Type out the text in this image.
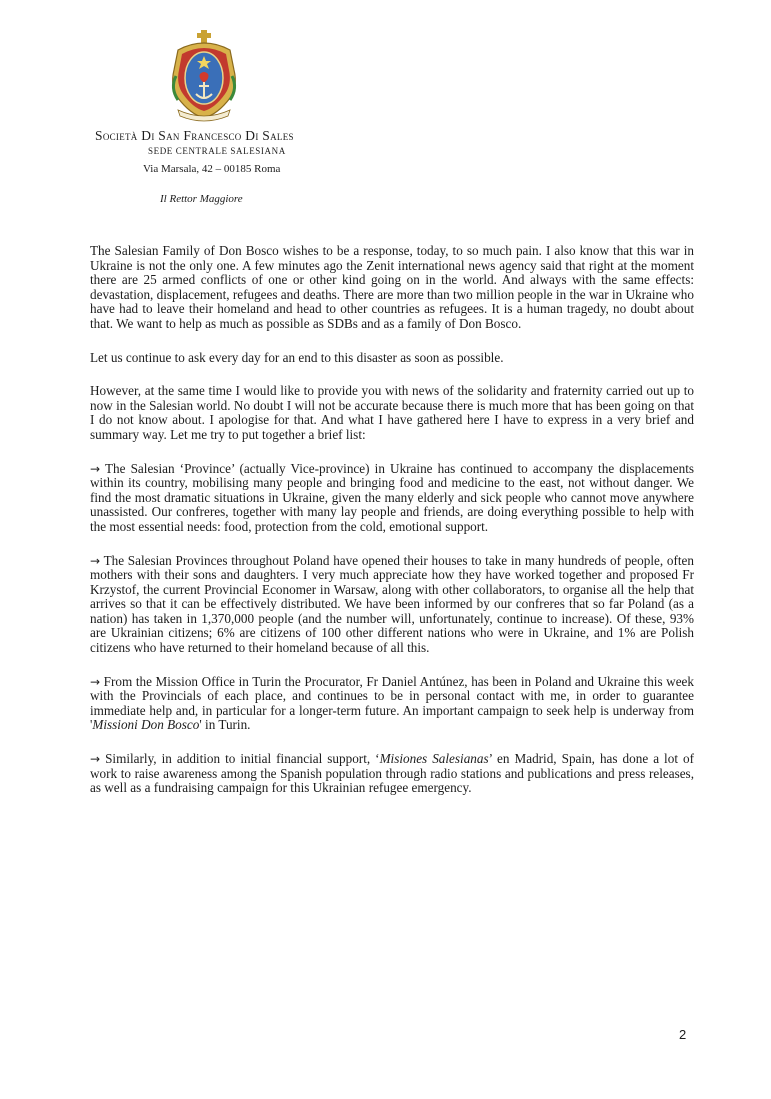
Società Di San Francesco Di Sales
SEDE CENTRALE SALESIANA
Via Marsala, 42 – 00185 Roma
Il Rettor Maggiore

The Salesian Family of Don Bosco wishes to be a response, today, to so much pain. I also know that this war in Ukraine is not the only one. A few minutes ago the Zenit international news agency said that right at the moment there are 25 armed conflicts of one or other kind going on in the world. And always with the same effects: devastation, displacement, refugees and deaths. There are more than two million people in the war in Ukraine who have had to leave their homeland and head to other countries as refugees. It is a human tragedy, no doubt about that. We want to help as much as possible as SDBs and as a family of Don Bosco.

Let us continue to ask every day for an end to this disaster as soon as possible.

However, at the same time I would like to provide you with news of the solidarity and fraternity carried out up to now in the Salesian world. No doubt I will not be accurate because there is much more that has been going on that I do not know about. I apologise for that. And what I have gathered here I have to express in a very brief and summary way. Let me try to put together a brief list:

→ The Salesian ‘Province’ (actually Vice-province) in Ukraine has continued to accompany the displacements within its country, mobilising many people and bringing food and medicine to the east, not without danger. We find the most dramatic situations in Ukraine, given the many elderly and sick people who cannot move anywhere unassisted. Our confreres, together with many lay people and friends, are doing everything possible to help with the most essential needs: food, protection from the cold, emotional support.

→ The Salesian Provinces throughout Poland have opened their houses to take in many hundreds of people, often mothers with their sons and daughters. I very much appreciate how they have worked together and proposed Fr Krzystof, the current Provincial Economer in Warsaw, along with other collaborators, to organise all the help that arrives so that it can be effectively distributed. We have been informed by our confreres that so far Poland (as a nation) has taken in 1,370,000 people (and the number will, unfortunately, continue to increase). Of these, 93% are Ukrainian citizens; 6% are citizens of 100 other different nations who were in Ukraine, and 1% are Polish citizens who have returned to their homeland because of all this.

→ From the Mission Office in Turin the Procurator, Fr Daniel Antúnez, has been in Poland and Ukraine this week with the Provincials of each place, and continues to be in personal contact with me, in order to guarantee immediate help and, in particular for a longer-term future. An important campaign to seek help is underway from 'Missioni Don Bosco' in Turin.

→ Similarly, in addition to initial financial support, ‘Misiones Salesianas’ en Madrid, Spain, has done a lot of work to raise awareness among the Spanish population through radio stations and publications and press releases, as well as a fundraising campaign for this Ukrainian refugee emergency.

2
